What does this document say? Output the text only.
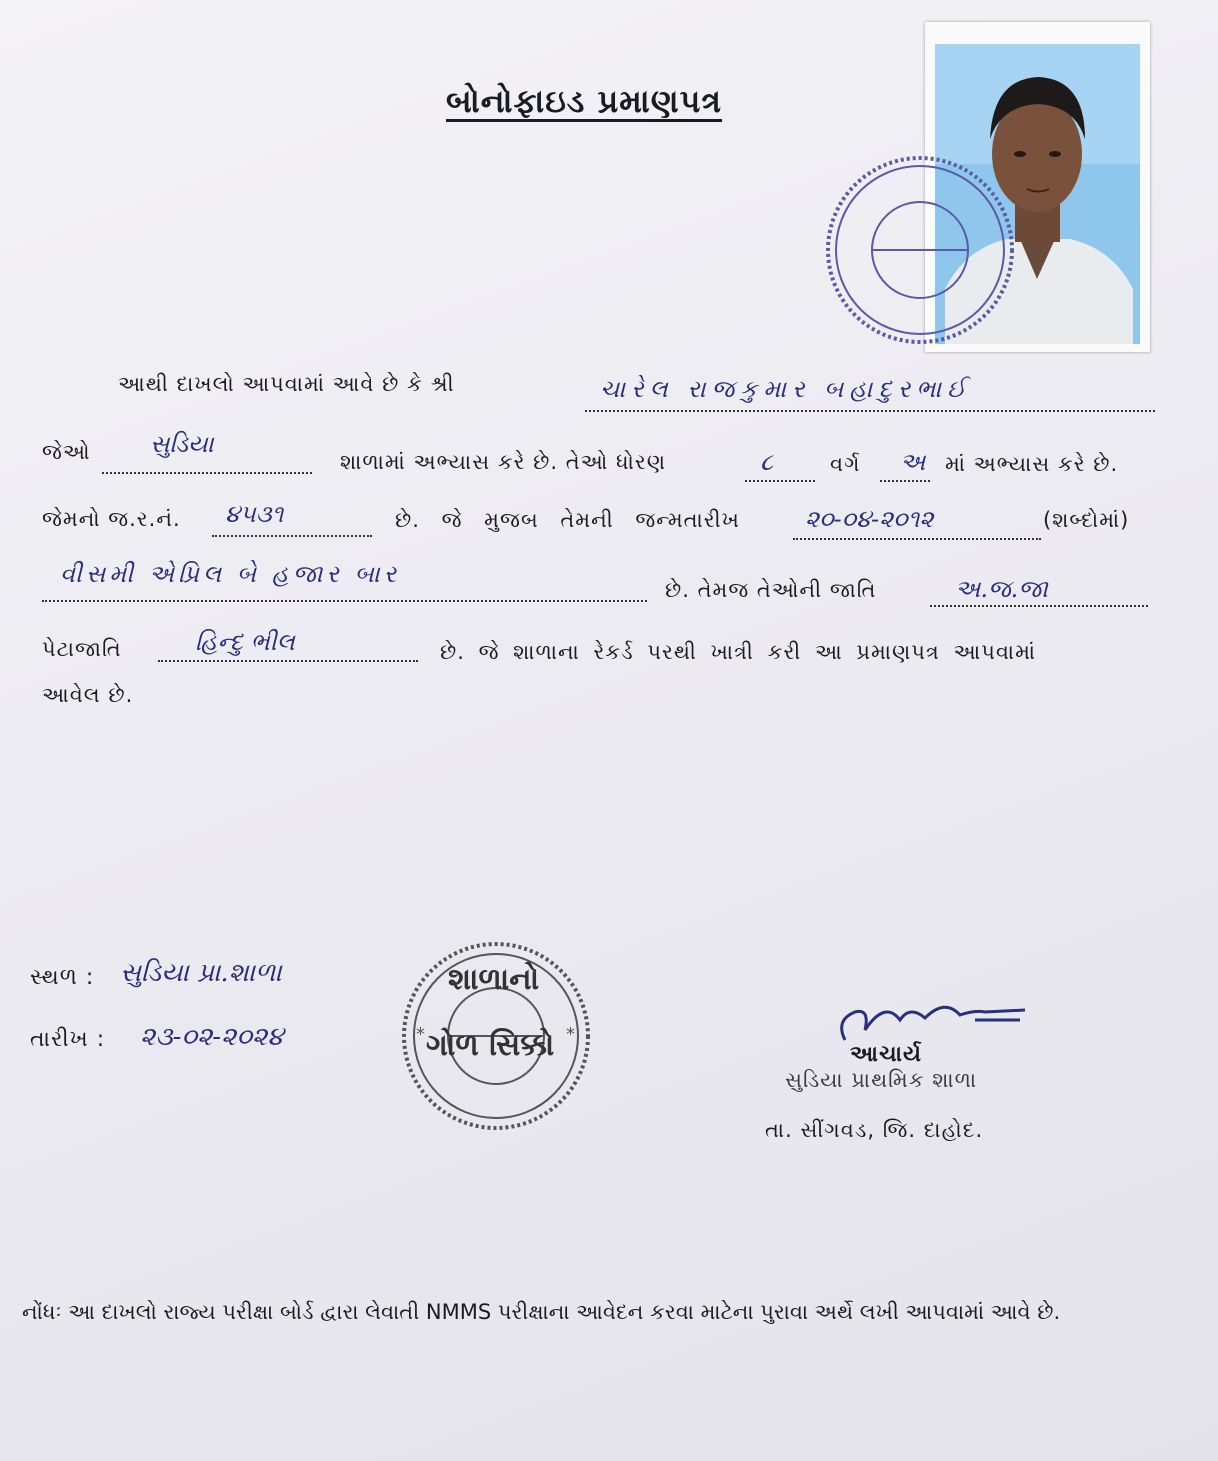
બોનોફાઇડ પ્રમાણપત્ર
આથી દાખલો આપવામાં આવે છે કે શ્રી	ચારેલ રાજકુમાર બહાદુરભાઈ
જેઓ સુડિયા
શાળામાં અભ્યાસ કરે છે. તેઓ ધોરણ	૮	વર્ગ અ માં અભ્યાસ કરે છે.
જેમનો જ.ર.નં. ૪૫૩૧	છે. જે મુજબ તેમની જન્મતારીખ	૨૦-૦૪-૨૦૧૨	(શબ્દોમાં)
વીસમી એપ્રિલ બે હજાર બાર
છે. તેમજ તેઓની જાતિ	અ.જ.જા
પેટાજાતિ	હિન્દુ ભીલ	છે. જે શાળાના રેકર્ડ પરથી ખાત્રી કરી આ પ્રમાણપત્ર આપવામાં
આવેલ છે.
સ્થળ : સુડિયા પ્રા.શાળા
તારીખ : ૨૩-૦૨-૨૦૨૪	*	*
શાળાનો
ગોળ સિક્કો	આચાર્ય
સુડિયા પ્રાથમિક શાળા
તા. સીંગવડ, જિ. દાહોદ.
નોંધઃ આ દાખલો રાજ્ય પરીક્ષા બોર્ડ દ્વારા લેવાતી NMMS પરીક્ષાના આવેદન કરવા માટેના પુરાવા અર્થે લખી આપવામાં આવે છે.
